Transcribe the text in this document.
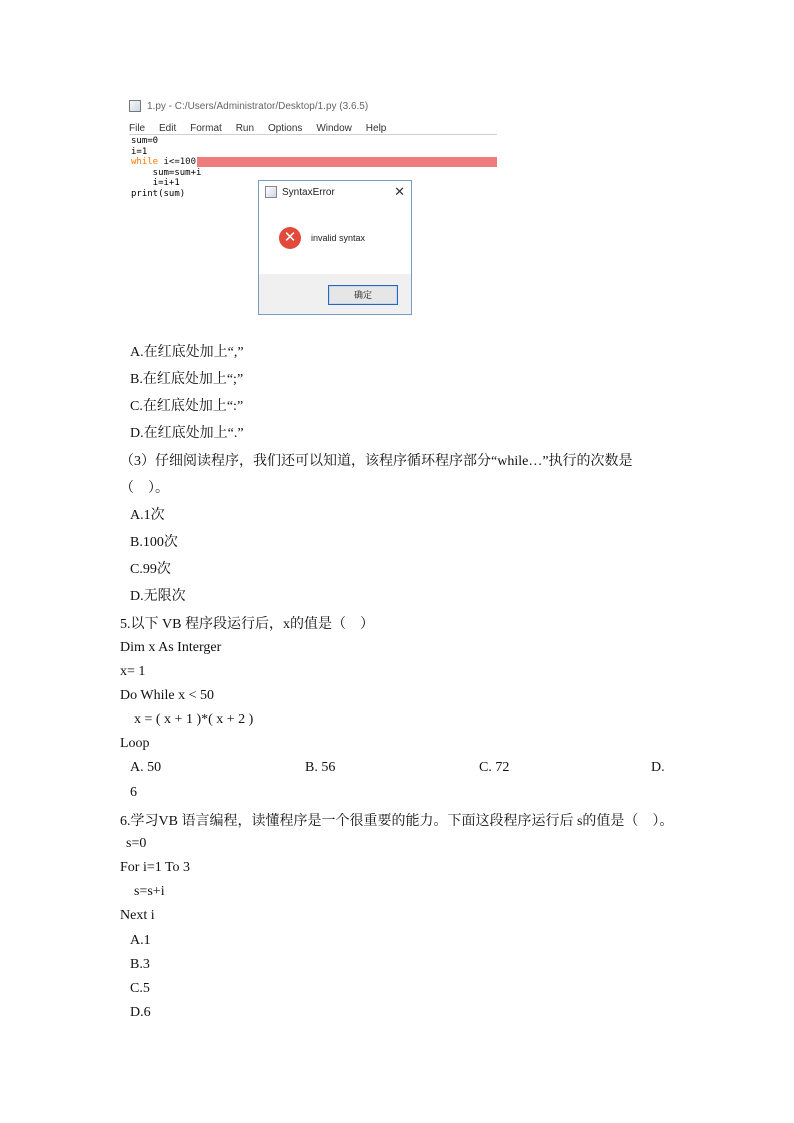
1.py - C:/Users/Administrator/Desktop/1.py (3.6.5)
File Edit Format Run Options Window Help
sum=0
i=1
while i<=100
sum=sum+i
i=i+1
print(sum)	SyntaxError	✕
✕	invalid syntax
确定
A.在红底处加上“,”
B.在红底处加上“;”
C.在红底处加上“:”
D.在红底处加上“.”
（3）仔细阅读程序，我们还可以知道，该程序循环程序部分“while…”执行的次数是
（　）。
A.1次
B.100次
C.99次
D.无限次
5.以下 VB 程序段运行后，x的值是（　）
Dim x As Interger
x= 1
Do While x < 50
x = ( x + 1 )*( x + 2 )
Loop
A. 50	B. 56	C. 72	D.
6
6.学习VB 语言编程，读懂程序是一个很重要的能力。下面这段程序运行后 s的值是（　）。
s=0
For i=1 To 3
s=s+i
Next i
A.1
B.3
C.5
D.6
